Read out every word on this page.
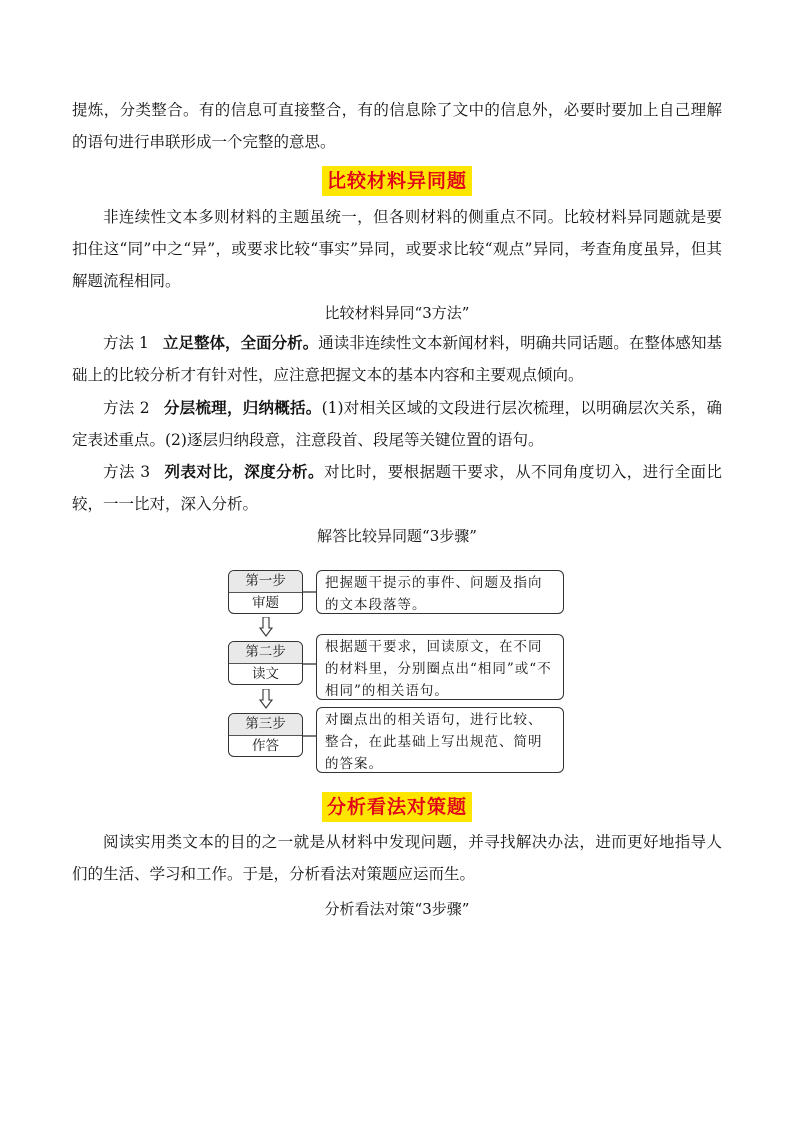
提炼，分类整合。有的信息可直接整合，有的信息除了文中的信息外，必要时要加上自己理解的语句进行串联形成一个完整的意思。

比较材料异同题

非连续性文本多则材料的主题虽统一，但各则材料的侧重点不同。比较材料异同题就是要扣住这“同”中之“异”，或要求比较“事实”异同，或要求比较“观点”异同，考查角度虽异，但其解题流程相同。

比较材料异同“3方法”

方法 1 立足整体，全面分析。通读非连续性文本新闻材料，明确共同话题。在整体感知基础上的比较分析才有针对性，应注意把握文本的基本内容和主要观点倾向。

方法 2 分层梳理，归纳概括。(1)对相关区域的文段进行层次梳理，以明确层次关系，确定表述重点。(2)逐层归纳段意，注意段首、段尾等关键位置的语句。

方法 3 列表对比，深度分析。对比时，要根据题干要求，从不同角度切入，进行全面比较，一一比对，深入分析。

解答比较异同题“3步骤”
第一步
审题
把握题干提示的事件、问题及指向的文本段落等。
第二步
读文
根据题干要求，回读原文，在不同的材料里，分别圈点出“相同”或“不相同”的相关语句。
第三步
作答
对圈点出的相关语句，进行比较、整合，在此基础上写出规范、简明的答案。
分析看法对策题

阅读实用类文本的目的之一就是从材料中发现问题，并寻找解决办法，进而更好地指导人们的生活、学习和工作。于是，分析看法对策题应运而生。

分析看法对策“3步骤”
